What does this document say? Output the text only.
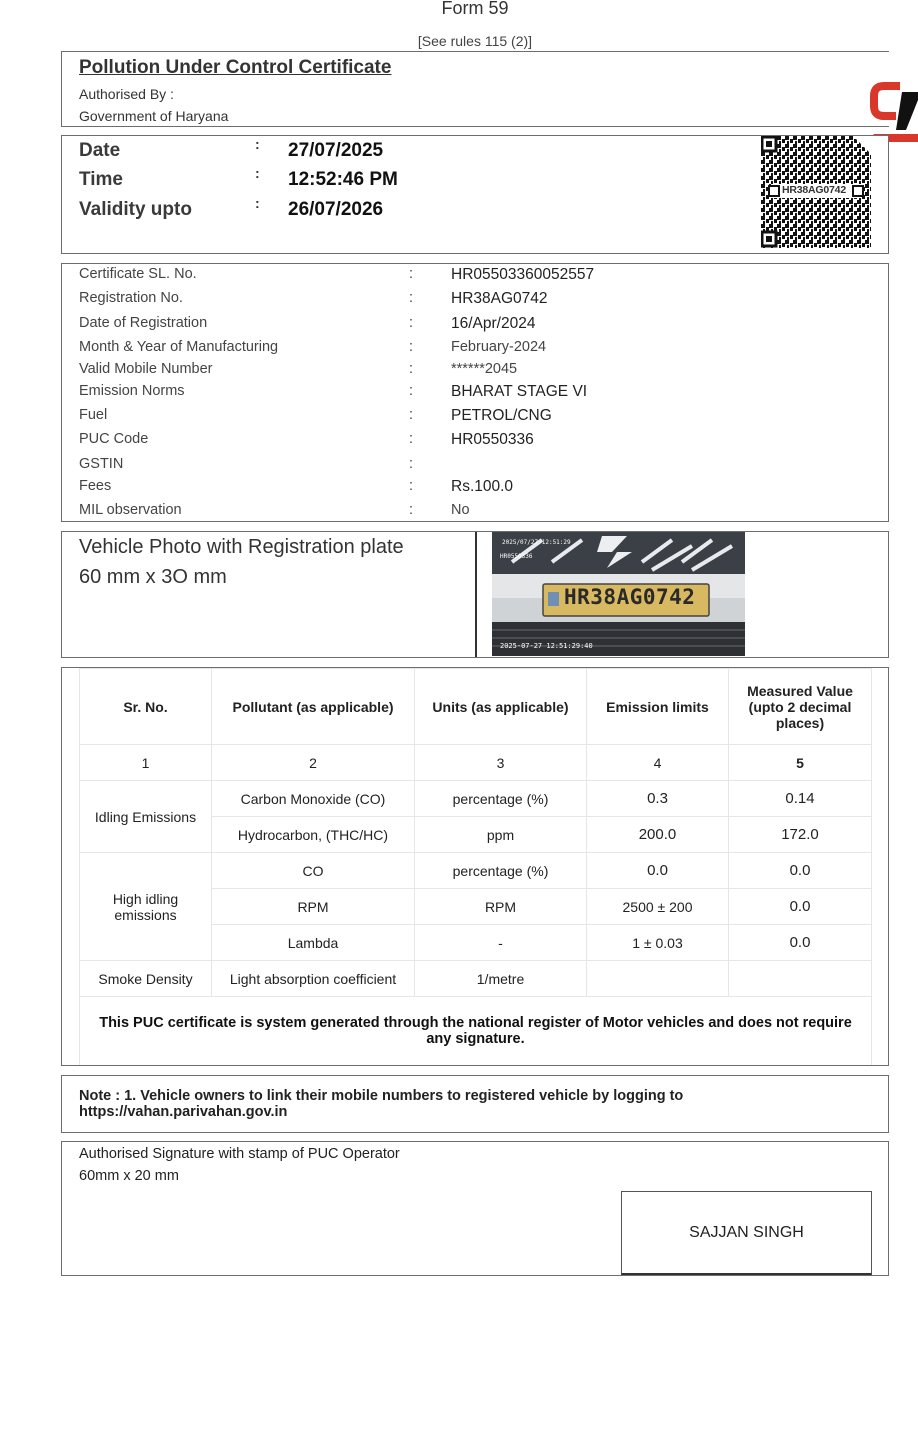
Form 59
[See rules 115 (2)]
Pollution Under Control Certificate
Authorised By :
Government of Haryana
Date	: 27/07/2025
Time	: 12:52:46 PM
Validity upto	: 26/07/2026
HR38AG0742
Certificate SL. No.	: HR05503360052557
Registration No.	: HR38AG0742
Date of Registration	: 16/Apr/2024
Month & Year of Manufacturing	:	February-2024
Valid Mobile Number	:	******2045
Emission Norms	: BHARAT STAGE VI
Fuel	: PETROL/CNG
PUC Code	: HR0550336
GSTIN	:
Fees	: Rs.100.0
MIL observation	:	No
Vehicle Photo with Registration plate
60 mm x 3O mm
2025/07/27 12:51:29
HR0550336
HR38AG0742
2025-07-27 12:51:29:40
Sr. No.	Pollutant (as applicable)	Units (as applicable)	Emission limits	Measured Value (upto 2 decimal places)
1	2	3	4	5
Idling Emissions	Carbon Monoxide (CO)	percentage (%)	0.3	0.14
	Hydrocarbon, (THC/HC)	ppm	200.0	172.0
High idling emissions	CO	percentage (%)	0.0	0.0
	RPM	RPM	2500 ± 200	0.0
	Lambda	-	1 ± 0.03	0.0
Smoke Density	Light absorption coefficient	1/metre		
This PUC certificate is system generated through the national register of Motor vehicles and does not require any signature.				
Note : 1. Vehicle owners to link their mobile numbers to registered vehicle by logging to
https://vahan.parivahan.gov.in
Authorised Signature with stamp of PUC Operator
60mm x 20 mm
SAJJAN SINGH
